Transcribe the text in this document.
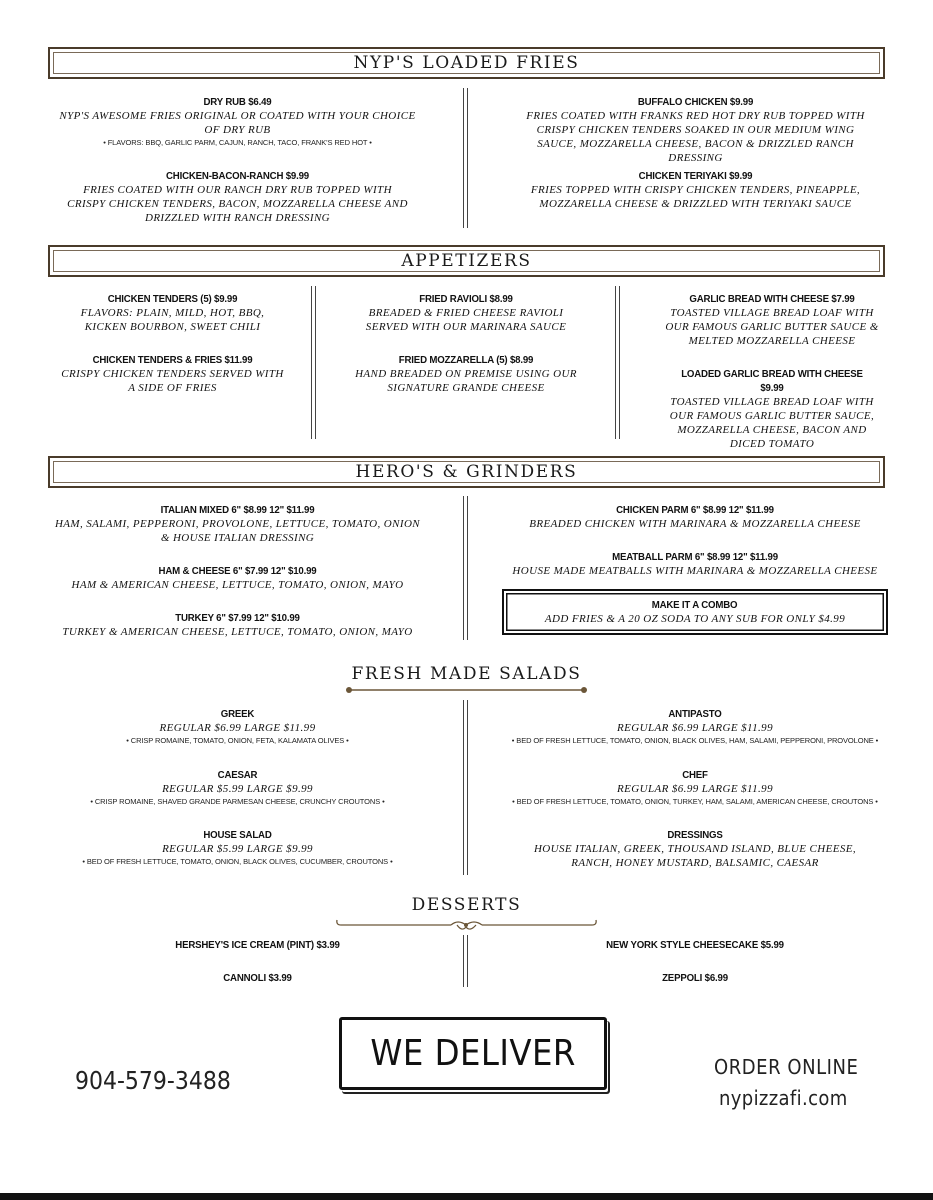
NYP'S LOADED FRIES
DRY RUB $6.49
NYP'S AWESOME FRIES ORIGINAL OR COATED WITH YOUR CHOICE OF DRY RUB
• FLAVORS: BBQ, GARLIC PARM, CAJUN, RANCH, TACO, FRANK'S RED HOT •
CHICKEN-BACON-RANCH $9.99
FRIES COATED WITH OUR RANCH DRY RUB TOPPED WITH CRISPY CHICKEN TENDERS, BACON, MOZZARELLA CHEESE AND DRIZZLED WITH RANCH DRESSING
BUFFALO CHICKEN $9.99
FRIES COATED WITH FRANKS RED HOT DRY RUB TOPPED WITH CRISPY CHICKEN TENDERS SOAKED IN OUR MEDIUM WING SAUCE, MOZZARELLA CHEESE, BACON & DRIZZLED RANCH DRESSING
CHICKEN TERIYAKI $9.99
FRIES TOPPED WITH CRISPY CHICKEN TENDERS, PINEAPPLE, MOZZARELLA CHEESE & DRIZZLED WITH TERIYAKI SAUCE
APPETIZERS
CHICKEN TENDERS (5) $9.99
FLAVORS: PLAIN, MILD, HOT, BBQ, KICKEN BOURBON, SWEET CHILI
CHICKEN TENDERS & FRIES $11.99
CRISPY CHICKEN TENDERS SERVED WITH A SIDE OF FRIES
FRIED RAVIOLI $8.99
BREADED & FRIED CHEESE RAVIOLI SERVED WITH OUR MARINARA SAUCE
FRIED MOZZARELLA (5) $8.99
HAND BREADED ON PREMISE USING OUR SIGNATURE GRANDE CHEESE
GARLIC BREAD WITH CHEESE $7.99
TOASTED VILLAGE BREAD LOAF WITH OUR FAMOUS GARLIC BUTTER SAUCE & MELTED MOZZARELLA CHEESE
LOADED GARLIC BREAD WITH CHEESE $9.99
TOASTED VILLAGE BREAD LOAF WITH OUR FAMOUS GARLIC BUTTER SAUCE, MOZZARELLA CHEESE, BACON AND DICED TOMATO
HERO'S & GRINDERS
ITALIAN MIXED 6" $8.99 12" $11.99
HAM, SALAMI, PEPPERONI, PROVOLONE, LETTUCE, TOMATO, ONION & HOUSE ITALIAN DRESSING
HAM & CHEESE 6" $7.99 12" $10.99
HAM & AMERICAN CHEESE, LETTUCE, TOMATO, ONION, MAYO
TURKEY 6" $7.99 12" $10.99
TURKEY & AMERICAN CHEESE, LETTUCE, TOMATO, ONION, MAYO
CHICKEN PARM 6" $8.99 12" $11.99
BREADED CHICKEN WITH MARINARA & MOZZARELLA CHEESE
MEATBALL PARM 6" $8.99 12" $11.99
HOUSE MADE MEATBALLS WITH MARINARA & MOZZARELLA CHEESE
MAKE IT A COMBO
ADD FRIES & A 20 OZ SODA TO ANY SUB FOR ONLY $4.99
FRESH MADE SALADS
GREEK
REGULAR $6.99 LARGE $11.99
• CRISP ROMAINE, TOMATO, ONION, FETA, KALAMATA OLIVES •
CAESAR
REGULAR $5.99 LARGE $9.99
• CRISP ROMAINE, SHAVED GRANDE PARMESAN CHEESE, CRUNCHY CROUTONS •
HOUSE SALAD
REGULAR $5.99 LARGE $9.99
• BED OF FRESH LETTUCE, TOMATO, ONION, BLACK OLIVES, CUCUMBER, CROUTONS •
ANTIPASTO
REGULAR $6.99 LARGE $11.99
• BED OF FRESH LETTUCE, TOMATO, ONION, BLACK OLIVES, HAM, SALAMI, PEPPERONI, PROVOLONE •
CHEF
REGULAR $6.99 LARGE $11.99
• BED OF FRESH LETTUCE, TOMATO, ONION, TURKEY, HAM, SALAMI, AMERICAN CHEESE, CROUTONS •
DRESSINGS
HOUSE ITALIAN, GREEK, THOUSAND ISLAND, BLUE CHEESE, RANCH, HONEY MUSTARD, BALSAMIC, CAESAR
DESSERTS
HERSHEY'S ICE CREAM (PINT) $3.99
CANNOLI $3.99
NEW YORK STYLE CHEESECAKE $5.99
ZEPPOLI $6.99
904-579-3488
WE DELIVER	ORDER ONLINE
nypizzafi.com
